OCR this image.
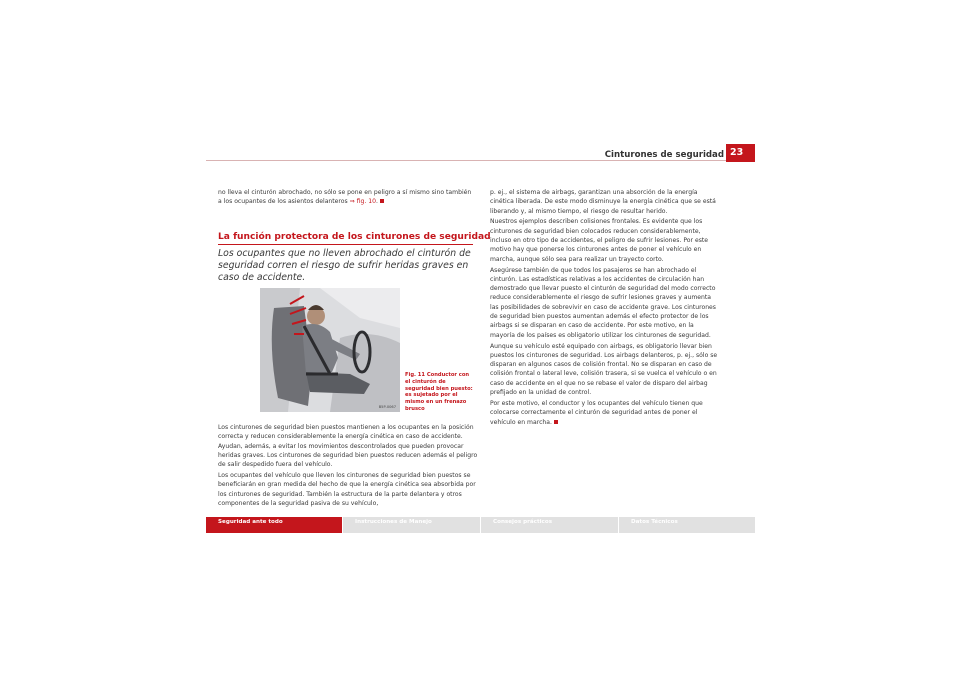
Cinturones de seguridad 23

no lleva el cinturón abrochado, no sólo se pone en peligro a sí mismo sino también a los ocupantes de los asientos delanteros ⇒ fig. 10.

La función protectora de los cinturones de seguridad
Los ocupantes que no lleven abrochado el cinturón de seguridad corren el riesgo de sufrir heridas graves en caso de accidente.
B5P-0067
Fig. 11 Conductor con el cinturón de seguridad bien puesto: es sujetado por el mismo en un frenazo brusco

Los cinturones de seguridad bien puestos mantienen a los ocupantes en la posición correcta y reducen considerablemente la energía cinética en caso de accidente. Ayudan, además, a evitar los movimientos descontrolados que pueden provocar heridas graves. Los cinturones de seguridad bien puestos reducen además el peligro de salir despedido fuera del vehículo.

Los ocupantes del vehículo que lleven los cinturones de seguridad bien puestos se beneficiarán en gran medida del hecho de que la energía cinética sea absorbida por los cinturones de seguridad. También la estructura de la parte delantera y otros componentes de la seguridad pasiva de su vehículo,

p. ej., el sistema de airbags, garantizan una absorción de la energía cinética liberada. De este modo disminuye la energía cinética que se está liberando y, al mismo tiempo, el riesgo de resultar herido.

Nuestros ejemplos describen colisiones frontales. Es evidente que los cinturones de seguridad bien colocados reducen considerablemente, incluso en otro tipo de accidentes, el peligro de sufrir lesiones. Por este motivo hay que ponerse los cinturones antes de poner el vehículo en marcha, aunque sólo sea para realizar un trayecto corto.

Asegúrese también de que todos los pasajeros se han abrochado el cinturón. Las estadísticas relativas a los accidentes de circulación han demostrado que llevar puesto el cinturón de seguridad del modo correcto reduce considerablemente el riesgo de sufrir lesiones graves y aumenta las posibilidades de sobrevivir en caso de accidente grave. Los cinturones de seguridad bien puestos aumentan además el efecto protector de los airbags si se disparan en caso de accidente. Por este motivo, en la mayoría de los países es obligatorio utilizar los cinturones de seguridad.

Aunque su vehículo esté equipado con airbags, es obligatorio llevar bien puestos los cinturones de seguridad. Los airbags delanteros, p. ej., sólo se disparan en algunos casos de colisión frontal. No se disparan en caso de colisión frontal o lateral leve, colisión trasera, si se vuelca el vehículo o en caso de accidente en el que no se rebase el valor de disparo del airbag prefijado en la unidad de control.

Por este motivo, el conductor y los ocupantes del vehículo tienen que colocarse correctamente el cinturón de seguridad antes de poner el vehículo en marcha.

Seguridad ante todo	Instrucciones de Manejo	Consejos prácticos	Datos Técnicos
